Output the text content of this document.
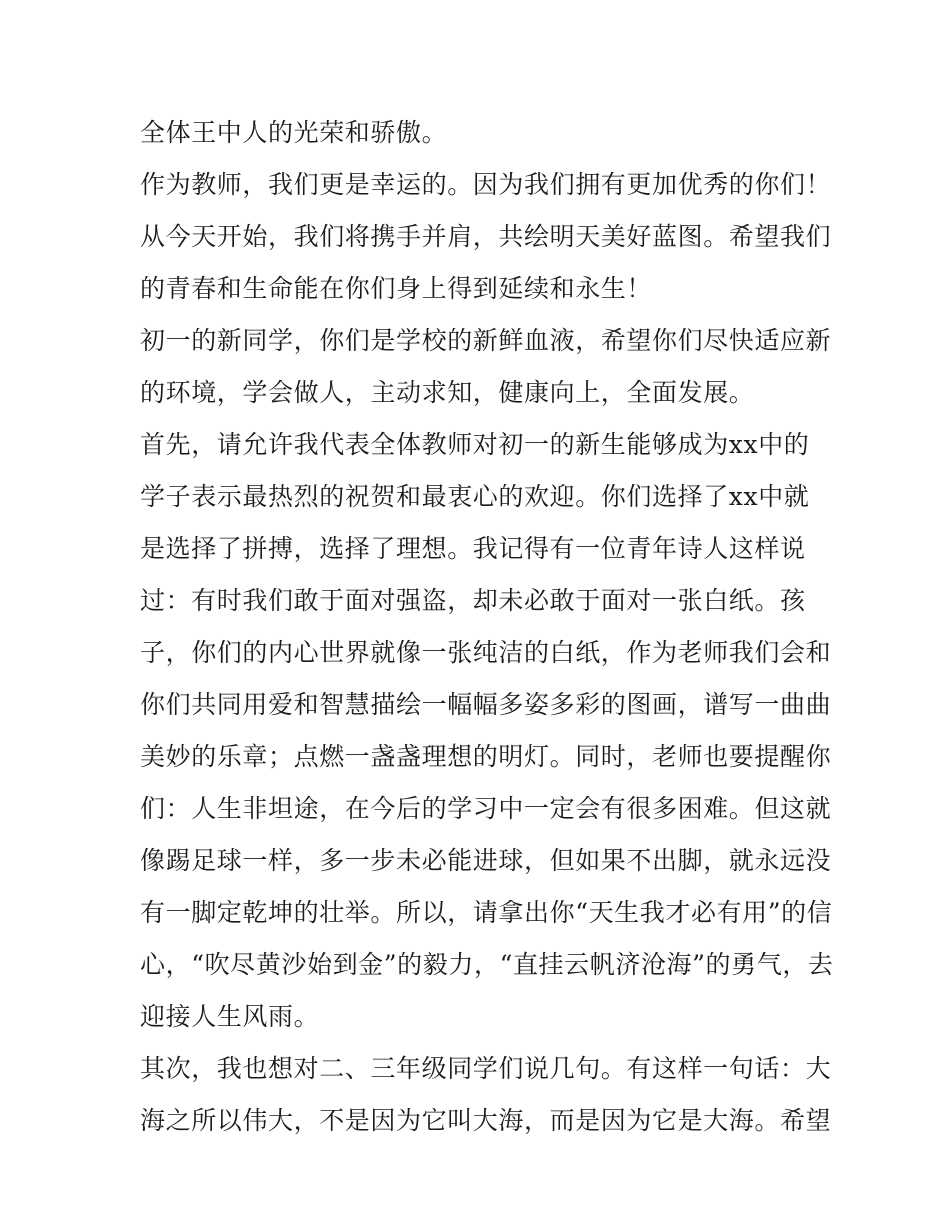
全体王中人的光荣和骄傲。
作为教师，我们更是幸运的。因为我们拥有更加优秀的你们！
从今天开始，我们将携手并肩，共绘明天美好蓝图。希望我们
的青春和生命能在你们身上得到延续和永生！
初一的新同学，你们是学校的新鲜血液，希望你们尽快适应新
的环境，学会做人，主动求知，健康向上，全面发展。
首先，请允许我代表全体教师对初一的新生能够成为xx中的
学子表示最热烈的祝贺和最衷心的欢迎。你们选择了xx中就
是选择了拼搏，选择了理想。我记得有一位青年诗人这样说
过：有时我们敢于面对强盗，却未必敢于面对一张白纸。孩
子，你们的内心世界就像一张纯洁的白纸，作为老师我们会和
你们共同用爱和智慧描绘一幅幅多姿多彩的图画，谱写一曲曲
美妙的乐章；点燃一盏盏理想的明灯。同时，老师也要提醒你
们：人生非坦途，在今后的学习中一定会有很多困难。但这就
像踢足球一样，多一步未必能进球，但如果不出脚，就永远没
有一脚定乾坤的壮举。所以，请拿出你“天生我才必有用”的信
心，“吹尽黄沙始到金”的毅力，“直挂云帆济沧海”的勇气，去
迎接人生风雨。
其次，我也想对二、三年级同学们说几句。有这样一句话：大
海之所以伟大，不是因为它叫大海，而是因为它是大海。希望
